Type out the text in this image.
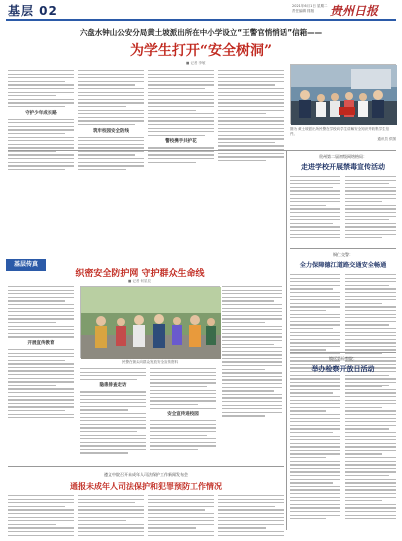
基层 02	2021年6月1日 星期二
责任编辑 排版	贵州日报
六盘水钟山公安分局黄土坡派出所在中小学设立“王警官悄悄话”信箱——
为学生打开“安全树洞”
■ 记者 李敏
守护少年成长路
筑牢校园安全防线
警校携手共护花
图为 黄土坡派出所民警在学校向学生讲解安全知识并收集学生信件。
通讯员 供图
贵州第二届初级网络格局：
走进学校开展禁毒宣传活动
铜仁交警：
全力保障德江道路交通安全畅通
镇远县检察院：
举办检察开放日活动
基层传真
织密安全防护网 守护群众生命线
■ 记者 何星辰
开展宣传教育
民警在街头向群众发放安全宣传资料
隐患排查走访
安全宣传进校园
遵义中院召开未成年人司法保护工作新闻发布会
通报未成年人司法保护和犯罪预防工作情况
